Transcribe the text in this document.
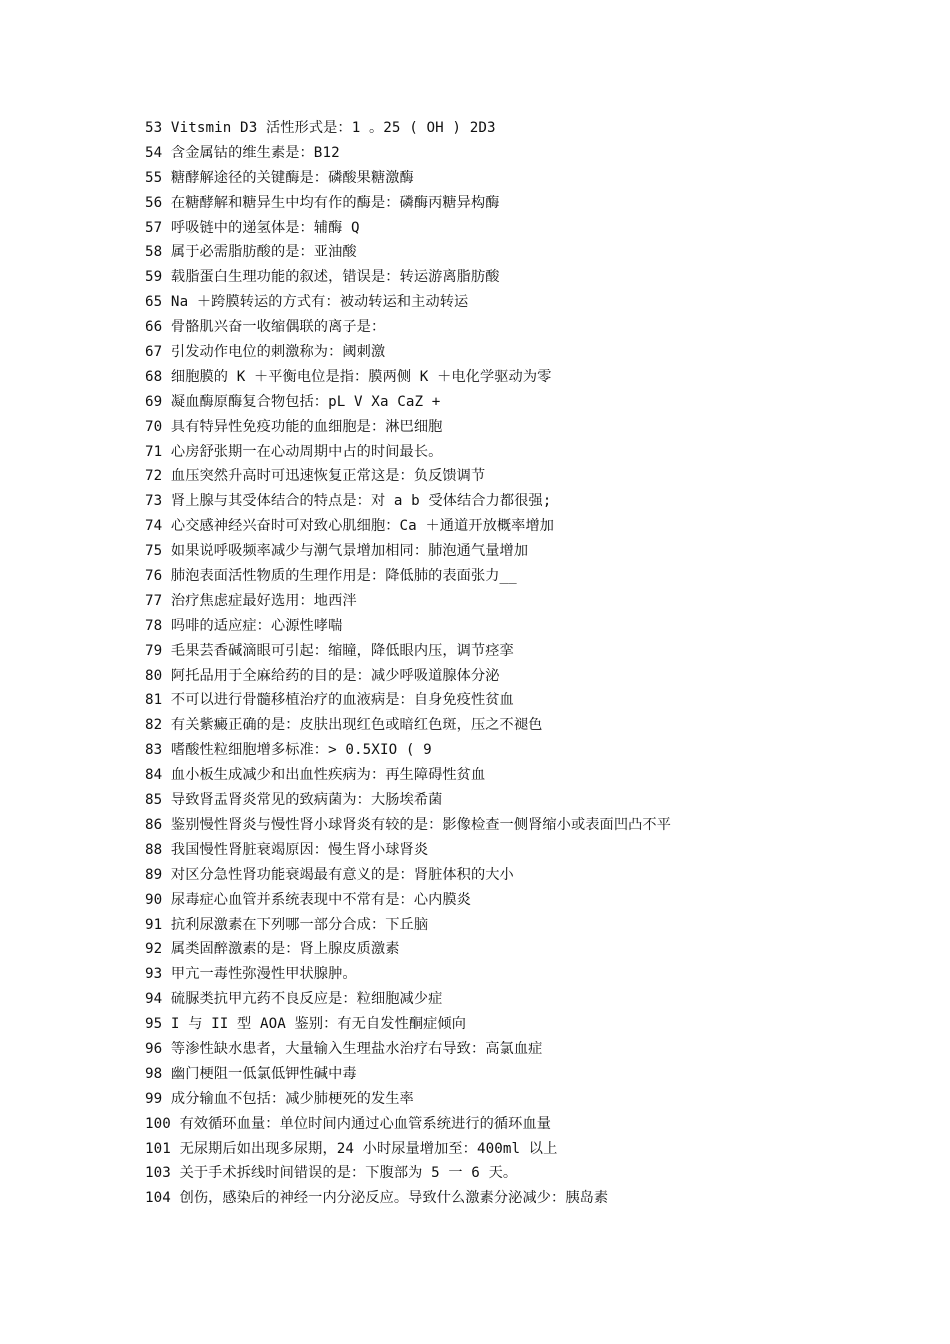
53 Vitsmin D3 活性形式是：1 。25 ( OH ) 2D3
54 含金属钴的维生素是：B12
55 糖酵解途径的关键酶是：磷酸果糖激酶
56 在糖酵解和糖异生中均有作的酶是：磷酶丙糖异构酶
57 呼吸链中的递氢体是：辅酶 Q
58 属于必需脂肪酸的是：亚油酸
59 载脂蛋白生理功能的叙述，错误是：转运游离脂肪酸
65 Na ＋跨膜转运的方式有：被动转运和主动转运
66 骨骼肌兴奋一收缩偶联的离子是：
67 引发动作电位的刺激称为：阈刺激
68 细胞膜的 K ＋平衡电位是指：膜两侧 K ＋电化学驱动为零
69 凝血酶原酶复合物包括：pL V Xa CaZ +
70 具有特异性免疫功能的血细胞是：淋巴细胞
71 心房舒张期一在心动周期中占的时间最长。
72 血压突然升高时可迅速恢复正常这是：负反馈调节
73 肾上腺与其受体结合的特点是：对 a b 受体结合力都很强;
74 心交感神经兴奋时可对致心肌细胞：Ca ＋通道开放概率增加
75 如果说呼吸频率减少与潮气景增加相同：肺泡通气量增加
76 肺泡表面活性物质的生理作用是：降低肺的表面张力__
77 治疗焦虑症最好选用：地西泮
78 吗啡的适应症：心源性哮喘
79 毛果芸香碱滴眼可引起：缩瞳，降低眼内压，调节痉挛
80 阿托品用于全麻给药的目的是：减少呼吸道腺体分泌
81 不可以进行骨髓移植治疗的血液病是：自身免疫性贫血
82 有关紫癜正确的是：皮肤出现红色或暗红色斑，压之不褪色
83 嗜酸性粒细胞增多标准：> 0.5XIO ( 9
84 血小板生成减少和出血性疾病为：再生障碍性贫血
85 导致肾盂肾炎常见的致病菌为：大肠埃希菌
86 鉴别慢性肾炎与慢性肾小球肾炎有较的是：影像检查一侧肾缩小或表面凹凸不平
88 我国慢性肾脏衰竭原因：慢生肾小球肾炎
89 对区分急性肾功能衰竭最有意义的是：肾脏体积的大小
90 尿毒症心血管并系统表现中不常有是：心内膜炎
91 抗利尿激素在下列哪一部分合成：下丘脑
92 属类固醉激素的是：肾上腺皮质激素
93 甲亢一毒性弥漫性甲状腺肿。
94 硫脲类抗甲亢药不良反应是：粒细胞减少症
95 I 与 II 型 AOA 鉴别：有无自发性酮症倾向
96 等渗性缺水患者，大量输入生理盐水治疗右导致：高氯血症
98 幽门梗阻一低氯低钾性碱中毒
99 成分输血不包括：减少肺梗死的发生率
100 有效循环血量：单位时间内通过心血管系统进行的循环血量
101 无尿期后如出现多尿期，24 小时尿量增加至：400ml 以上
103 关于手术拆线时间错误的是：下腹部为 5 一 6 天。
104 创伤，感染后的神经一内分泌反应。导致什么激素分泌减少：胰岛素
